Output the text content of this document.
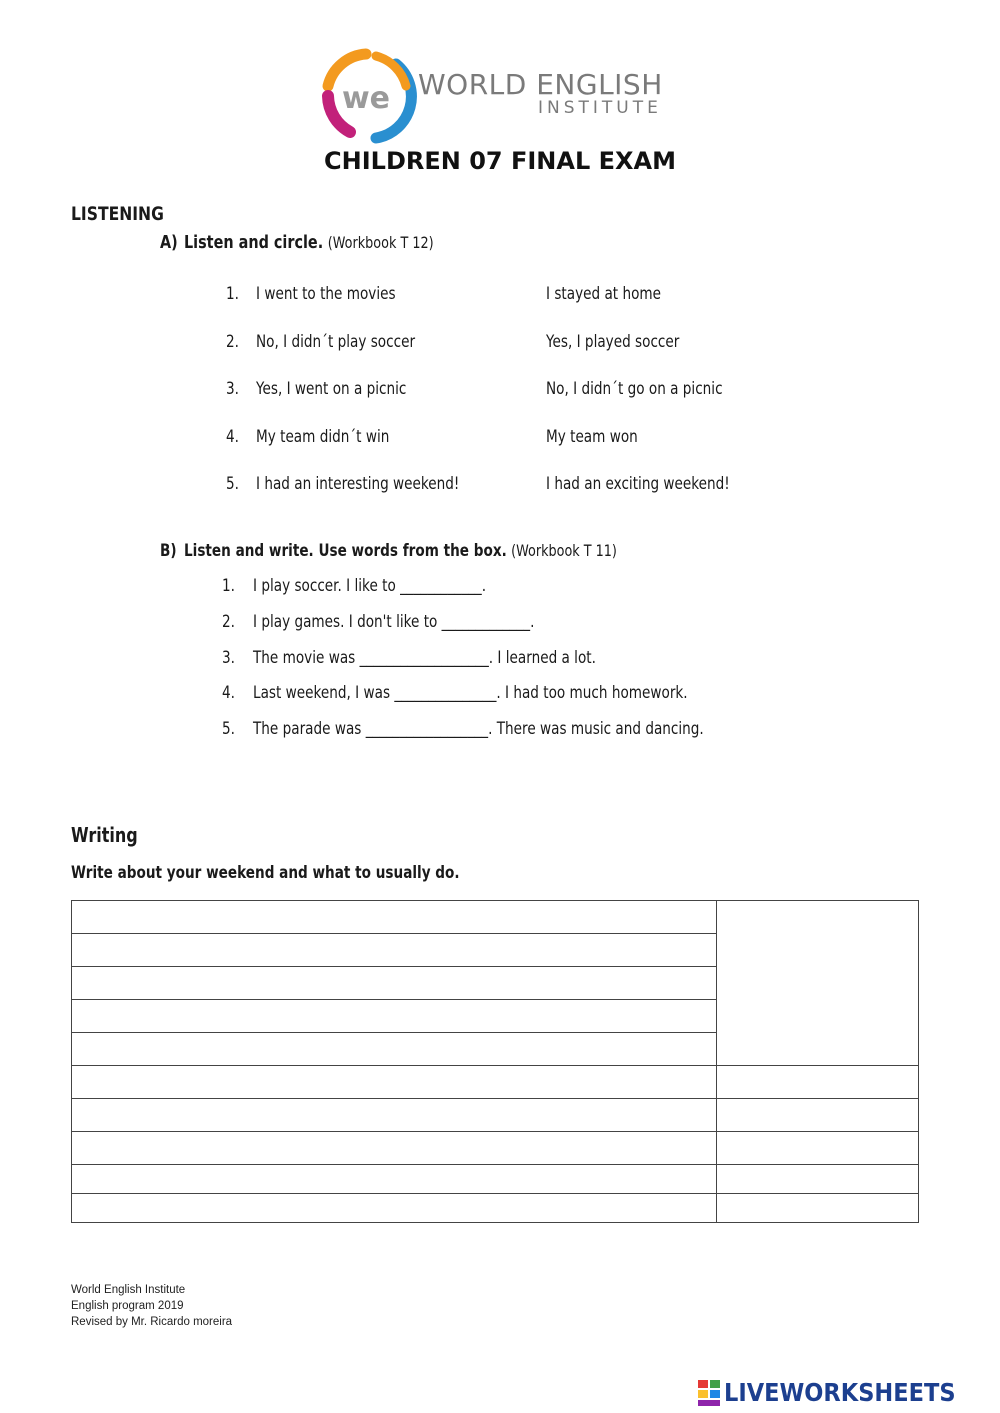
we WORLD ENGLISH
INSTITUTE
CHILDREN 07 FINAL EXAM
LISTENING
A) Listen and circle. (Workbook T 12)
1. I went to the movies	I stayed at home
2. No, I didn´t play soccer	Yes, I played soccer
3. Yes, I went on a picnic	No, I didn´t go on a picnic
4. My team didn´t win	My team won
5. I had an interesting weekend!	I had an exciting weekend!
B) Listen and write. Use words from the box. (Workbook T 11)
1. I play soccer. I like to ____________.
2. I play games. I don't like to _____________.
3. The movie was ___________________. I learned a lot.
4. Last weekend, I was _______________. I had too much homework.
5. The parade was __________________. There was music and dancing.
Writing
Write about your weekend and what to usually do.

World English Institute
English program 2019
Revised by Mr. Ricardo moreira
LIVEWORKSHEETS
